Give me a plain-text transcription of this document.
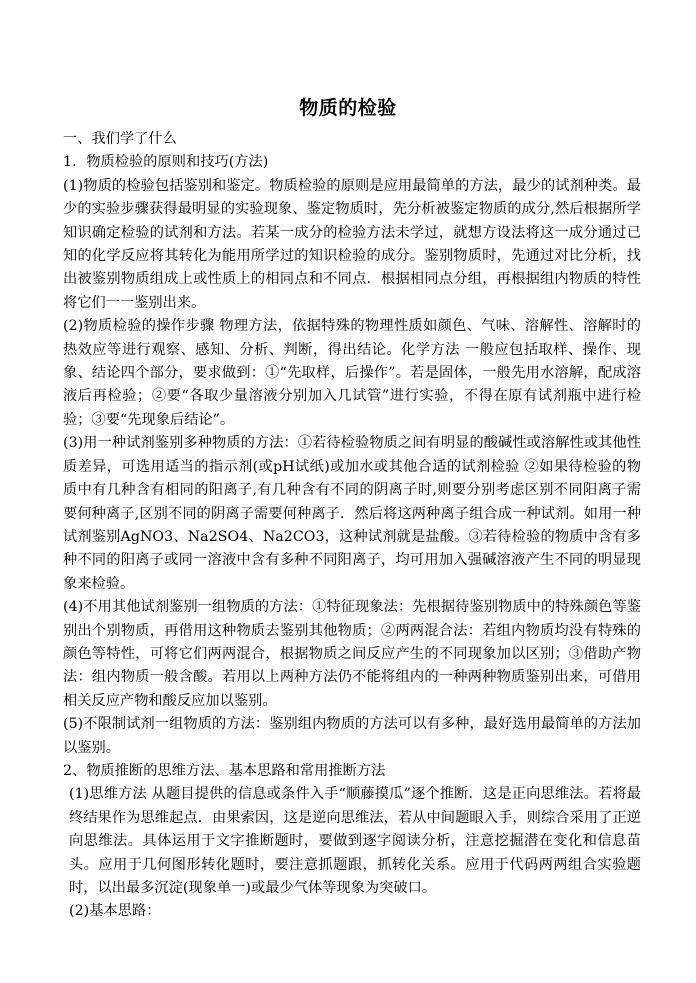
物质的检验

一、我们学了什么

1．物质检验的原则和技巧(方法)

(1)物质的检验包括鉴别和鉴定。物质检验的原则是应用最简单的方法，最少的试剂种类。最少的实验步骤获得最明显的实验现象、鉴定物质时，先分析被鉴定物质的成分,然后根据所学知识确定检验的试剂和方法。若某一成分的检验方法未学过，就想方设法将这一成分通过已知的化学反应将其转化为能用所学过的知识检验的成分。鉴别物质时，先通过对比分析，找出被鉴别物质组成上或性质上的相同点和不同点．根据相同点分组，再根据组内物质的特性将它们一一鉴别出来。

(2)物质检验的操作步骤 物理方法，依据特殊的物理性质如颜色、气味、溶解性、溶解时的热效应等进行观察、感知、分析、判断，得出结论。化学方法 一般应包括取样、操作、现象、结论四个部分，要求做到：①“先取样，后操作”。若是固体，一般先用水溶解，配成溶液后再检验；②要“各取少量溶液分别加入几试管”进行实验，不得在原有试剂瓶中进行检验；③要“先现象后结论”。

(3)用一种试剂鉴别多种物质的方法：①若待检验物质之间有明显的酸碱性或溶解性或其他性质差异，可选用适当的指示剂(或pH试纸)或加水或其他合适的试剂检验 ②如果待检验的物质中有几种含有相同的阳离子,有几种含有不同的阴离子时,则要分别考虑区别不同阳离子需要何种离子,区别不同的阴离子需要何种离子．然后将这两种离子组合成一种试剂。如用一种试剂鉴别AgNO3、Na2SO4、Na2CO3，这种试剂就是盐酸。③若待检验的物质中含有多种不同的阳离子或同一溶液中含有多种不同阳离子，均可用加入强碱溶液产生不同的明显现象来检验。

(4)不用其他试剂鉴别一组物质的方法：①特征现象法：先根据待鉴别物质中的特殊颜色等鉴别出个别物质，再借用这种物质去鉴别其他物质；②两两混合法：若组内物质均没有特殊的颜色等特性，可将它们两两混合，根据物质之间反应产生的不同现象加以区别；③借助产物法：组内物质一般含酸。若用以上两种方法仍不能将组内的一种两种物质鉴别出来，可借用相关反应产物和酸反应加以鉴别。

(5)不限制试剂一组物质的方法：鉴别组内物质的方法可以有多种，最好选用最简单的方法加以鉴别。

2、物质推断的思维方法、基本思路和常用推断方法

(1)思维方法 从题目提供的信息或条件入手“顺藤摸瓜”逐个推断．这是正向思维法。若将最终结果作为思维起点．由果索因，这是逆向思维法，若从中间题眼入手，则综合采用了正逆向思维法。具体运用于文字推断题时，要做到逐字阅读分析，注意挖掘潜在变化和信息苗头。应用于几何图形转化题时，要注意抓题跟，抓转化关系。应用于代码两两组合实验题时，以出最多沉淀(现象单一)或最少气体等现象为突破口。

(2)基本思路：
